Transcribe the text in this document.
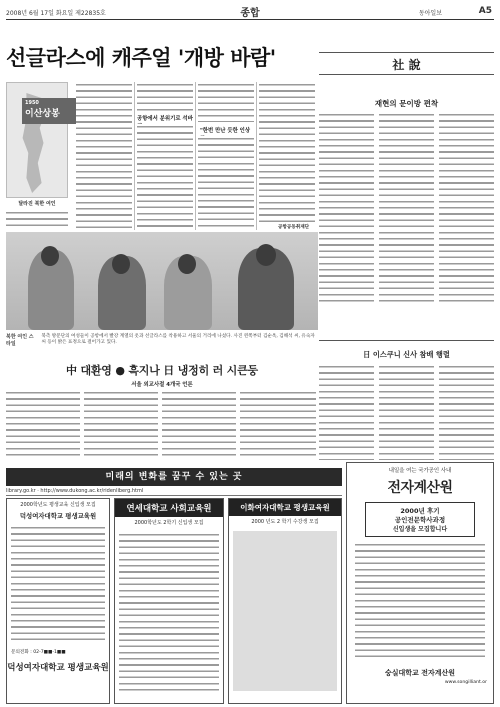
2008년 6월 17일 화요일 제22835호	종합	동아일보	A5
선글라스에 캐주얼 '개방 바람'
1950
이산상봉
달라진 북한 여인
공항에서 분위기로 석바
"한번 만난 듯한 인상
공항공동취재단
社 說
재현의 문이방 편착
日 이스쿠니 신사 참배 행렬
북한 여인 스타일
북측 방문단의 여성들이 공항에서 빨강 계열의 옷과 선글라스를 착용하고 서울의 거리에 나섰다. 사진 왼쪽부터 김순옥, 김해석 씨, 유숙자 씨 등이 밝은 표정으로 걸어가고 있다.
中 대환영 ● 흑지나 日 냉정히 러 시큰둥
서울 외교사절 4개국 언론
미래의 변화를 꿈꾸 수 있는 곳
library.go.kr · http://www.dukong.ac.kr/ridenliberg.html
2000학년도 평생교육 신입생 모집
덕성여자대학교 평생교육원
문의전화 : 02-7■■-1■■
덕성여자대학교 평생교육원
연세대학교 사회교육원
2000학년도 2학기 신입생 모집
이화여자대학교 평생교육원
2000 년도 2 학기 수강생 모집
내일을 여는 국가공인 사내
전자계산원
2000년 후기
공인전문학사과정
신입생을 모집합니다
숭실대학교 전자계산원
www.songilliant.or
